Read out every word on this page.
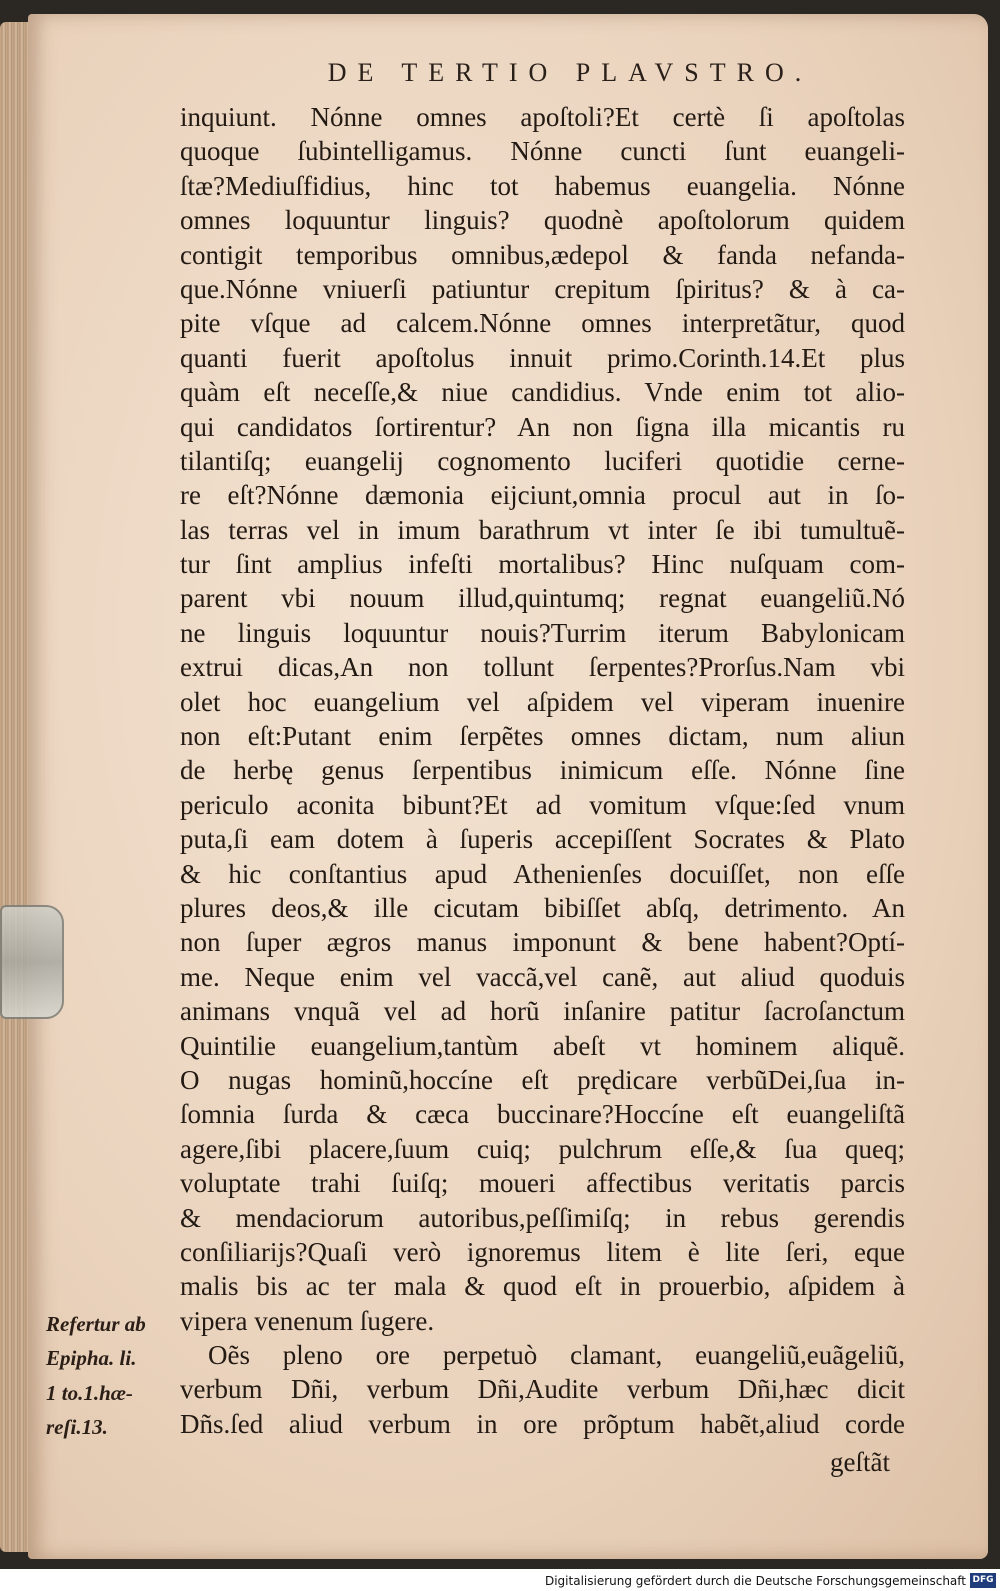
DE TERTIO PLAVSTRO.
inquiunt. Nónne omnes apoſtoli?Et certè ſi apoſtolas
quoque ſubintelligamus. Nónne cuncti ſunt euangeli-
ſtæ?Mediuſfidius, hinc tot habemus euangelia. Nónne
omnes loquuntur linguis? quodnè apoſtolorum quidem
contigit temporibus omnibus,ædepol & fanda nefanda-
que.Nónne vniuerſi patiuntur crepitum ſpiritus? & à ca-
pite vſque ad calcem.Nónne omnes interpretãtur, quod
quanti fuerit apoſtolus innuit primo.Corinth.14.Et plus
quàm eſt neceſſe,& niue candidius. Vnde enim tot alio-
qui candidatos ſortirentur? An non ſigna illa micantis ru
tilantiſq; euangelij cognomento luciferi quotidie cerne-
re eſt?Nónne dæmonia eijciunt,omnia procul aut in ſo-
las terras vel in imum barathrum vt inter ſe ibi tumultuẽ-
tur ſint amplius infeſti mortalibus? Hinc nuſquam com-
parent vbi nouum illud,quintumq; regnat euangeliũ.Nó
ne linguis loquuntur nouis?Turrim iterum Babylonicam
extrui dicas,An non tollunt ſerpentes?Prorſus.Nam vbi
olet hoc euangelium vel aſpidem vel viperam inuenire
non eſt:Putant enim ſerpẽtes omnes dictam, num aliun
de herbę genus ſerpentibus inimicum eſſe. Nónne ſine
periculo aconita bibunt?Et ad vomitum vſque:ſed vnum
puta,ſi eam dotem à ſuperis accepiſſent Socrates & Plato
& hic conſtantius apud Athenienſes docuiſſet, non eſſe
plures deos,& ille cicutam bibiſſet abſq, detrimento. An
non ſuper ægros manus imponunt & bene habent?Optí-
me. Neque enim vel vaccã,vel canẽ, aut aliud quoduis
animans vnquã vel ad horũ inſanire patitur ſacroſanctum
Quintilie euangelium,tantùm abeſt vt hominem aliquẽ.
O nugas hominũ,hoccíne eſt prędicare verbũDei,ſua in-
ſomnia ſurda & cæca buccinare?Hoccíne eſt euangeliſtã
agere,ſibi placere,ſuum cuiq; pulchrum eſſe,& ſua queq;
voluptate trahi ſuiſq; moueri affectibus veritatis parcis
& mendaciorum autoribus,peſſimiſq; in rebus gerendis
conſiliarijs?Quaſi verò ignoremus litem è lite ſeri, eque
malis bis ac ter mala & quod eſt in prouerbio, aſpidem à
vipera venenum ſugere.
Oẽs pleno ore perpetuò clamant, euangeliũ,euãgeliũ,
verbum Dñi, verbum Dñi,Audite verbum Dñi,hæc dicit
Dñs.ſed aliud verbum in ore prõptum habẽt,aliud corde
Refertur ab
Epipha. li.
1 to.1.hæ-
reſi.13.
geſtãt
Digitalisierung gefördert durch die Deutsche Forschungsgemeinschaft DFG
